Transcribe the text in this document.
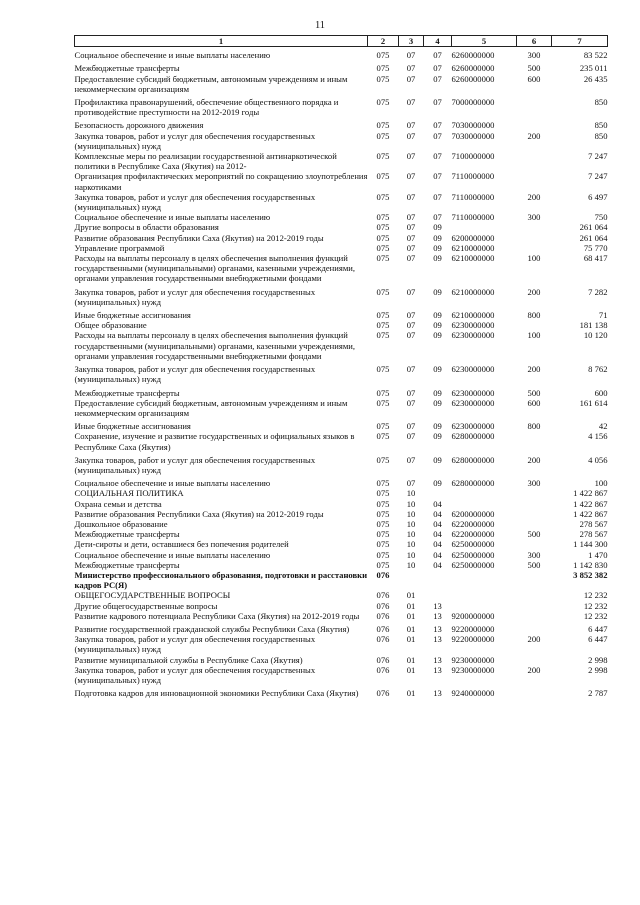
11
1	2	3	4	5	6	7
Социальное обеспечение и иные выплаты населению	075	07	07	6260000000	300	83 522
Межбюджетные трансферты	075	07	07	6260000000	500	235 011
Предоставление субсидий бюджетным, автономным учреждениям и иным некоммерческим организациям	075	07	07	6260000000	600	26 435
Профилактика правонарушений, обеспечение общественного порядка и противодействие преступности на 2012-2019 годы	075	07	07	7000000000		850
Безопасность дорожного движения	075	07	07	7030000000		850
Закупка товаров, работ и услуг для обеспечения государственных (муниципальных) нужд	075	07	07	7030000000	200	850
Комплексные меры по реализации государственной антинаркотической политики в Республике Саха (Якутия) на 2012-	075	07	07	7100000000		7 247
Организация профилактических мероприятий по сокращению злоупотребления наркотиками	075	07	07	7110000000		7 247
Закупка товаров, работ и услуг для обеспечения государственных (муниципальных) нужд	075	07	07	7110000000	200	6 497
Социальное обеспечение и иные выплаты населению	075	07	07	7110000000	300	750
Другие вопросы в области образования	075	07	09			261 064
Развитие образования Республики Саха (Якутия) на 2012-2019 годы	075	07	09	6200000000		261 064
Управление программой	075	07	09	6210000000		75 770
Расходы на выплаты персоналу в целях обеспечения выполнения функций государственными (муниципальными) органами, казенными учреждениями, органами управления государственными внебюджетными фондами	075	07	09	6210000000	100	68 417
Закупка товаров, работ и услуг для обеспечения государственных (муниципальных) нужд	075	07	09	6210000000	200	7 282
Иные бюджетные ассигнования	075	07	09	6210000000	800	71
Общее образование	075	07	09	6230000000		181 138
Расходы на выплаты персоналу в целях обеспечения выполнения функций государственными (муниципальными) органами, казенными учреждениями, органами управления государственными внебюджетными фондами	075	07	09	6230000000	100	10 120
Закупка товаров, работ и услуг для обеспечения государственных (муниципальных) нужд	075	07	09	6230000000	200	8 762
Межбюджетные трансферты	075	07	09	6230000000	500	600
Предоставление субсидий бюджетным, автономным учреждениям и иным некоммерческим организациям	075	07	09	6230000000	600	161 614
Иные бюджетные ассигнования	075	07	09	6230000000	800	42
Сохранение, изучение и развитие государственных и официальных языков в Республике Саха (Якутия)	075	07	09	6280000000		4 156
Закупка товаров, работ и услуг для обеспечения государственных (муниципальных) нужд	075	07	09	6280000000	200	4 056
Социальное обеспечение и иные выплаты населению	075	07	09	6280000000	300	100
СОЦИАЛЬНАЯ ПОЛИТИКА	075	10				1 422 867
Охрана семьи и детства	075	10	04			1 422 867
Развитие образования Республики Саха (Якутия) на 2012-2019 годы	075	10	04	6200000000		1 422 867
Дошкольное образование	075	10	04	6220000000		278 567
Межбюджетные трансферты	075	10	04	6220000000	500	278 567
Дети-сироты и дети, оставшиеся без попечения родителей	075	10	04	6250000000		1 144 300
Социальное обеспечение и иные выплаты населению	075	10	04	6250000000	300	1 470
Межбюджетные трансферты	075	10	04	6250000000	500	1 142 830
Министерство профессионального образования, подготовки и расстановки кадров РС(Я)	076					3 852 382
ОБЩЕГОСУДАРСТВЕННЫЕ ВОПРОСЫ	076	01				12 232
Другие общегосударственные вопросы	076	01	13			12 232
Развитие кадрового потенциала Республики Саха (Якутия) на 2012-2019 годы	076	01	13	9200000000		12 232
Развитие государственной гражданской службы Республики Саха (Якутия)	076	01	13	9220000000		6 447
Закупка товаров, работ и услуг для обеспечения государственных (муниципальных) нужд	076	01	13	9220000000	200	6 447
Развитие муниципальной службы в Республике Саха (Якутия)	076	01	13	9230000000		2 998
Закупка товаров, работ и услуг для обеспечения государственных (муниципальных) нужд	076	01	13	9230000000	200	2 998
Подготовка кадров для инновационной экономики Республики Саха (Якутия)	076	01	13	9240000000		2 787
